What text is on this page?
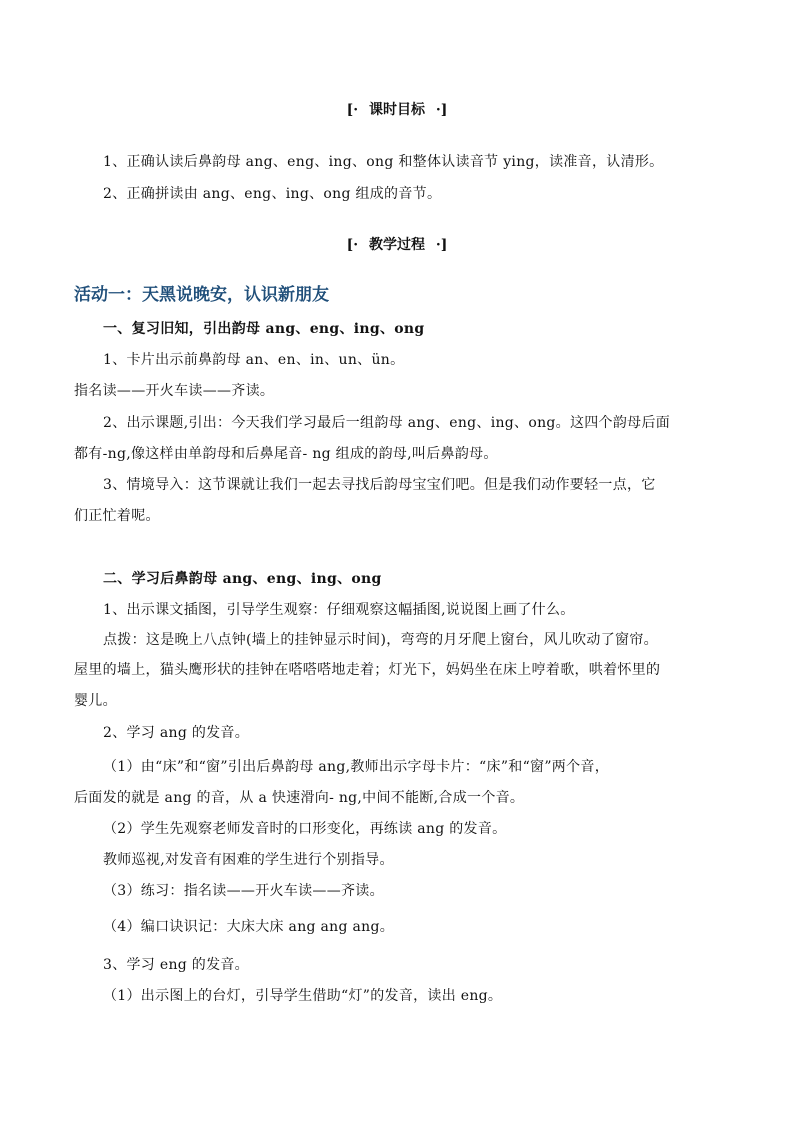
[· 课时目标 ·]
1、正确认读后鼻韵母 ang、eng、ing、ong 和整体认读音节 ying，读准音，认清形。
2、正确拼读由 ang、eng、ing、ong 组成的音节。
[· 教学过程 ·]
活动一：天黑说晚安，认识新朋友
一、复习旧知，引出韵母 ang、eng、ing、ong
1、卡片出示前鼻韵母 an、en、in、un、ün。
指名读——开火车读——齐读。
2、出示课题,引出：今天我们学习最后一组韵母 ang、eng、ing、ong。这四个韵母后面
都有-ng,像这样由单韵母和后鼻尾音- ng 组成的韵母,叫后鼻韵母。
3、情境导入：这节课就让我们一起去寻找后韵母宝宝们吧。但是我们动作要轻一点，它
们正忙着呢。
二、学习后鼻韵母 ang、eng、ing、ong
1、出示课文插图，引导学生观察：仔细观察这幅插图,说说图上画了什么。
点拨：这是晚上八点钟(墙上的挂钟显示时间)，弯弯的月牙爬上窗台，风儿吹动了窗帘。
屋里的墙上，猫头鹰形状的挂钟在嗒嗒嗒地走着；灯光下，妈妈坐在床上哼着歌，哄着怀里的
婴儿。
2、学习 ang 的发音。
（1）由“床”和“窗”引出后鼻韵母 ang,教师出示字母卡片：“床”和“窗”两个音，
后面发的就是 ang 的音，从 a 快速滑向- ng,中间不能断,合成一个音。
（2）学生先观察老师发音时的口形变化，再练读 ang 的发音。
教师巡视,对发音有困难的学生进行个别指导。
（3）练习：指名读——开火车读——齐读。
（4）编口诀识记：大床大床 ang ang ang。
3、学习 eng 的发音。
（1）出示图上的台灯，引导学生借助“灯”的发音，读出 eng。
